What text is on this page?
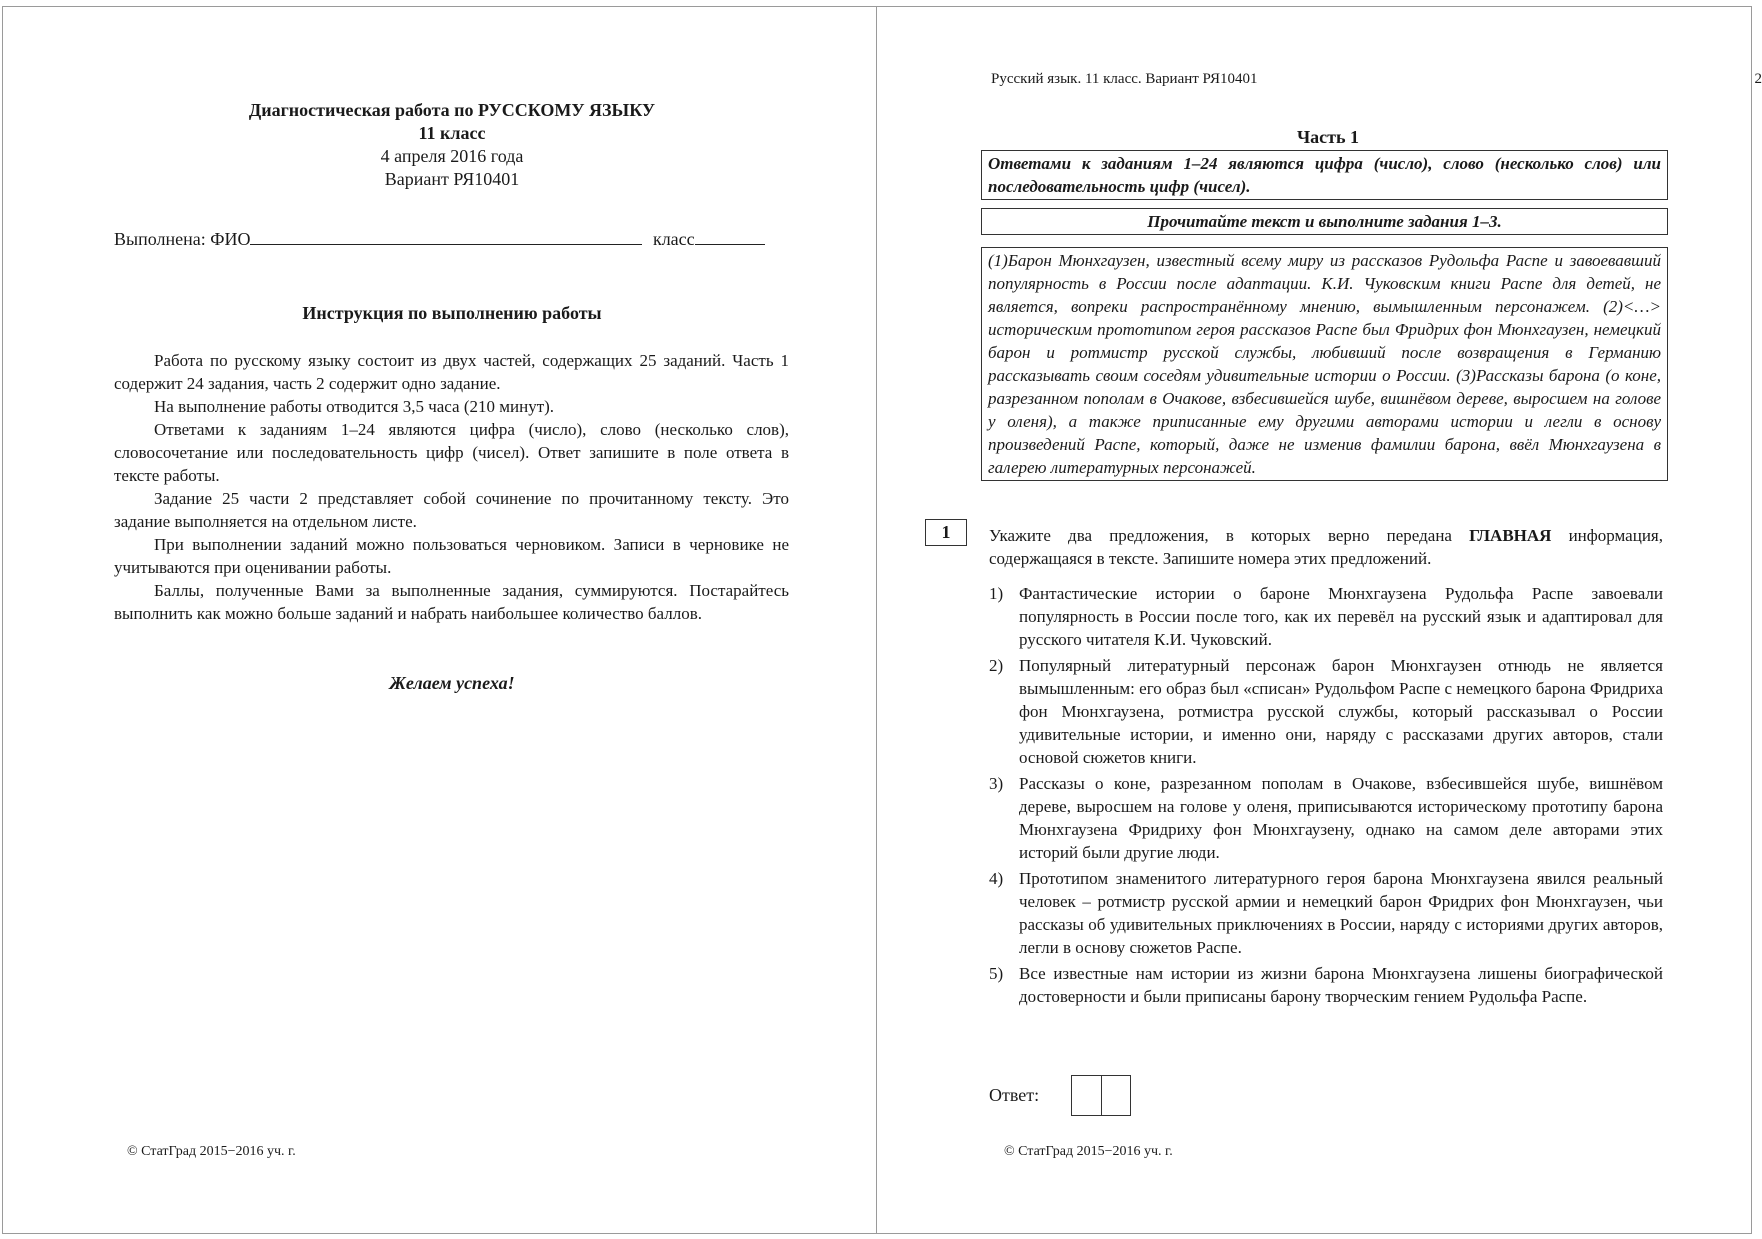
Диагностическая работа по РУССКОМУ ЯЗЫКУ
11 класс
4 апреля 2016 года
Вариант РЯ10401
Выполнена: ФИО	класс
Инструкция по выполнению работы

Работа по русскому языку состоит из двух частей, содержащих 25 заданий. Часть 1 содержит 24 задания, часть 2 содержит одно задание.

На выполнение работы отводится 3,5 часа (210 минут).

Ответами к заданиям 1–24 являются цифра (число), слово (несколько слов), словосочетание или последовательность цифр (чисел). Ответ запишите в поле ответа в тексте работы.

Задание 25 части 2 представляет собой сочинение по прочитанному тексту. Это задание выполняется на отдельном листе.

При выполнении заданий можно пользоваться черновиком. Записи в черновике не учитываются при оценивании работы.

Баллы, полученные Вами за выполненные задания, суммируются. Постарайтесь выполнить как можно больше заданий и набрать наибольшее количество баллов.

Желаем успеха!
© СтатГрад 2015−2016 уч. г.
Русский язык. 11 класс. Вариант РЯ10401	2
Часть 1
Ответами к заданиям 1–24 являются цифра (число), слово (несколько слов) или последовательность цифр (чисел).
Прочитайте текст и выполните задания 1–3.
(1)Барон Мюнхгаузен, известный всему миру из рассказов Рудольфа Распе и завоевавший популярность в России после адаптации. К.И. Чуковским книги Распе для детей, не является, вопреки распространённому мнению, вымышленным персонажем. (2)<…> историческим прототипом героя рассказов Распе был Фридрих фон Мюнхгаузен, немецкий барон и ротмистр русской службы, любивший после возвращения в Германию рассказывать своим соседям удивительные истории о России. (3)Рассказы барона (о коне, разрезанном пополам в Очакове, взбесившейся шубе, вишнёвом дереве, выросшем на голове у оленя), а также приписанные ему другими авторами истории и легли в основу произведений Распе, который, даже не изменив фамилии барона, ввёл Мюнхгаузена в галерею литературных персонажей.
1	Укажите два предложения, в которых верно передана ГЛАВНАЯ информация, содержащаяся в тексте. Запишите номера этих предложений.
1) Фантастические истории о бароне Мюнхгаузена Рудольфа Распе завоевали популярность в России после того, как их перевёл на русский язык и адаптировал для русского читателя К.И. Чуковский.
2) Популярный литературный персонаж барон Мюнхгаузен отнюдь не является вымышленным: его образ был «списан» Рудольфом Распе с немецкого барона Фридриха фон Мюнхгаузена, ротмистра русской службы, который рассказывал о России удивительные истории, и именно они, наряду с рассказами других авторов, стали основой сюжетов книги.
3) Рассказы о коне, разрезанном пополам в Очакове, взбесившейся шубе, вишнёвом дереве, выросшем на голове у оленя, приписываются историческому прототипу барона Мюнхгаузена Фридриху фон Мюнхгаузену, однако на самом деле авторами этих историй были другие люди.
4) Прототипом знаменитого литературного героя барона Мюнхгаузена явился реальный человек – ротмистр русской армии и немецкий барон Фридрих фон Мюнхгаузен, чьи рассказы об удивительных приключениях в России, наряду с историями других авторов, легли в основу сюжетов Распе.
5) Все известные нам истории из жизни барона Мюнхгаузена лишены биографической достоверности и были приписаны барону творческим гением Рудольфа Распе.
Ответ:
© СтатГрад 2015−2016 уч. г.
